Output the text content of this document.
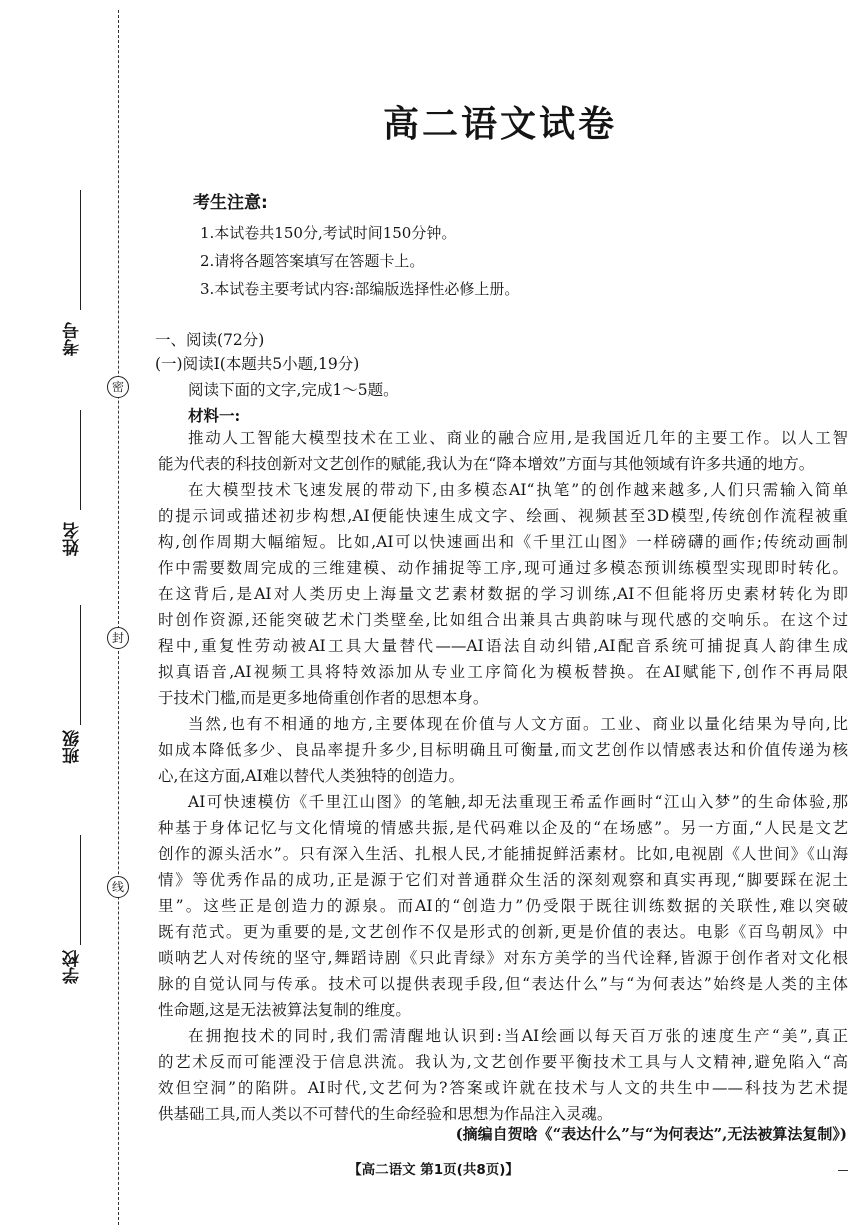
密
封
线
考号
姓名
班级
学校
高二语文试卷
考生注意:
1.本试卷共150分,考试时间150分钟。
2.请将各题答案填写在答题卡上。
3.本试卷主要考试内容:部编版选择性必修上册。
一、阅读(72分)
(一)阅读Ⅰ(本题共5小题,19分)
阅读下面的文字,完成1～5题。
材料一:
推动人工智能大模型技术在工业、商业的融合应用,是我国近几年的主要工作。以人工智
能为代表的科技创新对文艺创作的赋能,我认为在“降本增效”方面与其他领域有许多共通的地方。
在大模型技术飞速发展的带动下,由多模态AI“执笔”的创作越来越多,人们只需输入简单
的提示词或描述初步构想,AI便能快速生成文字、绘画、视频甚至3D模型,传统创作流程被重
构,创作周期大幅缩短。比如,AI可以快速画出和《千里江山图》一样磅礴的画作;传统动画制
作中需要数周完成的三维建模、动作捕捉等工序,现可通过多模态预训练模型实现即时转化。
在这背后,是AI对人类历史上海量文艺素材数据的学习训练,AI不但能将历史素材转化为即
时创作资源,还能突破艺术门类壁垒,比如组合出兼具古典韵味与现代感的交响乐。在这个过
程中,重复性劳动被AI工具大量替代——AI语法自动纠错,AI配音系统可捕捉真人韵律生成
拟真语音,AI视频工具将特效添加从专业工序简化为模板替换。在AI赋能下,创作不再局限
于技术门槛,而是更多地倚重创作者的思想本身。
当然,也有不相通的地方,主要体现在价值与人文方面。工业、商业以量化结果为导向,比
如成本降低多少、良品率提升多少,目标明确且可衡量,而文艺创作以情感表达和价值传递为核
心,在这方面,AI难以替代人类独特的创造力。
AI可快速模仿《千里江山图》的笔触,却无法重现王希孟作画时“江山入梦”的生命体验,那
种基于身体记忆与文化情境的情感共振,是代码难以企及的“在场感”。另一方面,“人民是文艺
创作的源头活水”。只有深入生活、扎根人民,才能捕捉鲜活素材。比如,电视剧《人世间》《山海
情》等优秀作品的成功,正是源于它们对普通群众生活的深刻观察和真实再现,“脚要踩在泥土
里”。这些正是创造力的源泉。而AI的“创造力”仍受限于既往训练数据的关联性,难以突破
既有范式。更为重要的是,文艺创作不仅是形式的创新,更是价值的表达。电影《百鸟朝凤》中
唢呐艺人对传统的坚守,舞蹈诗剧《只此青绿》对东方美学的当代诠释,皆源于创作者对文化根
脉的自觉认同与传承。技术可以提供表现手段,但“表达什么”与“为何表达”始终是人类的主体
性命题,这是无法被算法复制的维度。
在拥抱技术的同时,我们需清醒地认识到:当AI绘画以每天百万张的速度生产“美”,真正
的艺术反而可能湮没于信息洪流。我认为,文艺创作要平衡技术工具与人文精神,避免陷入“高
效但空洞”的陷阱。AI时代,文艺何为?答案或许就在技术与人文的共生中——科技为艺术提
供基础工具,而人类以不可替代的生命经验和思想为作品注入灵魂。
(摘编自贺晗《“表达什么”与“为何表达”,无法被算法复制》)
【高二语文 第1页(共8页)】
